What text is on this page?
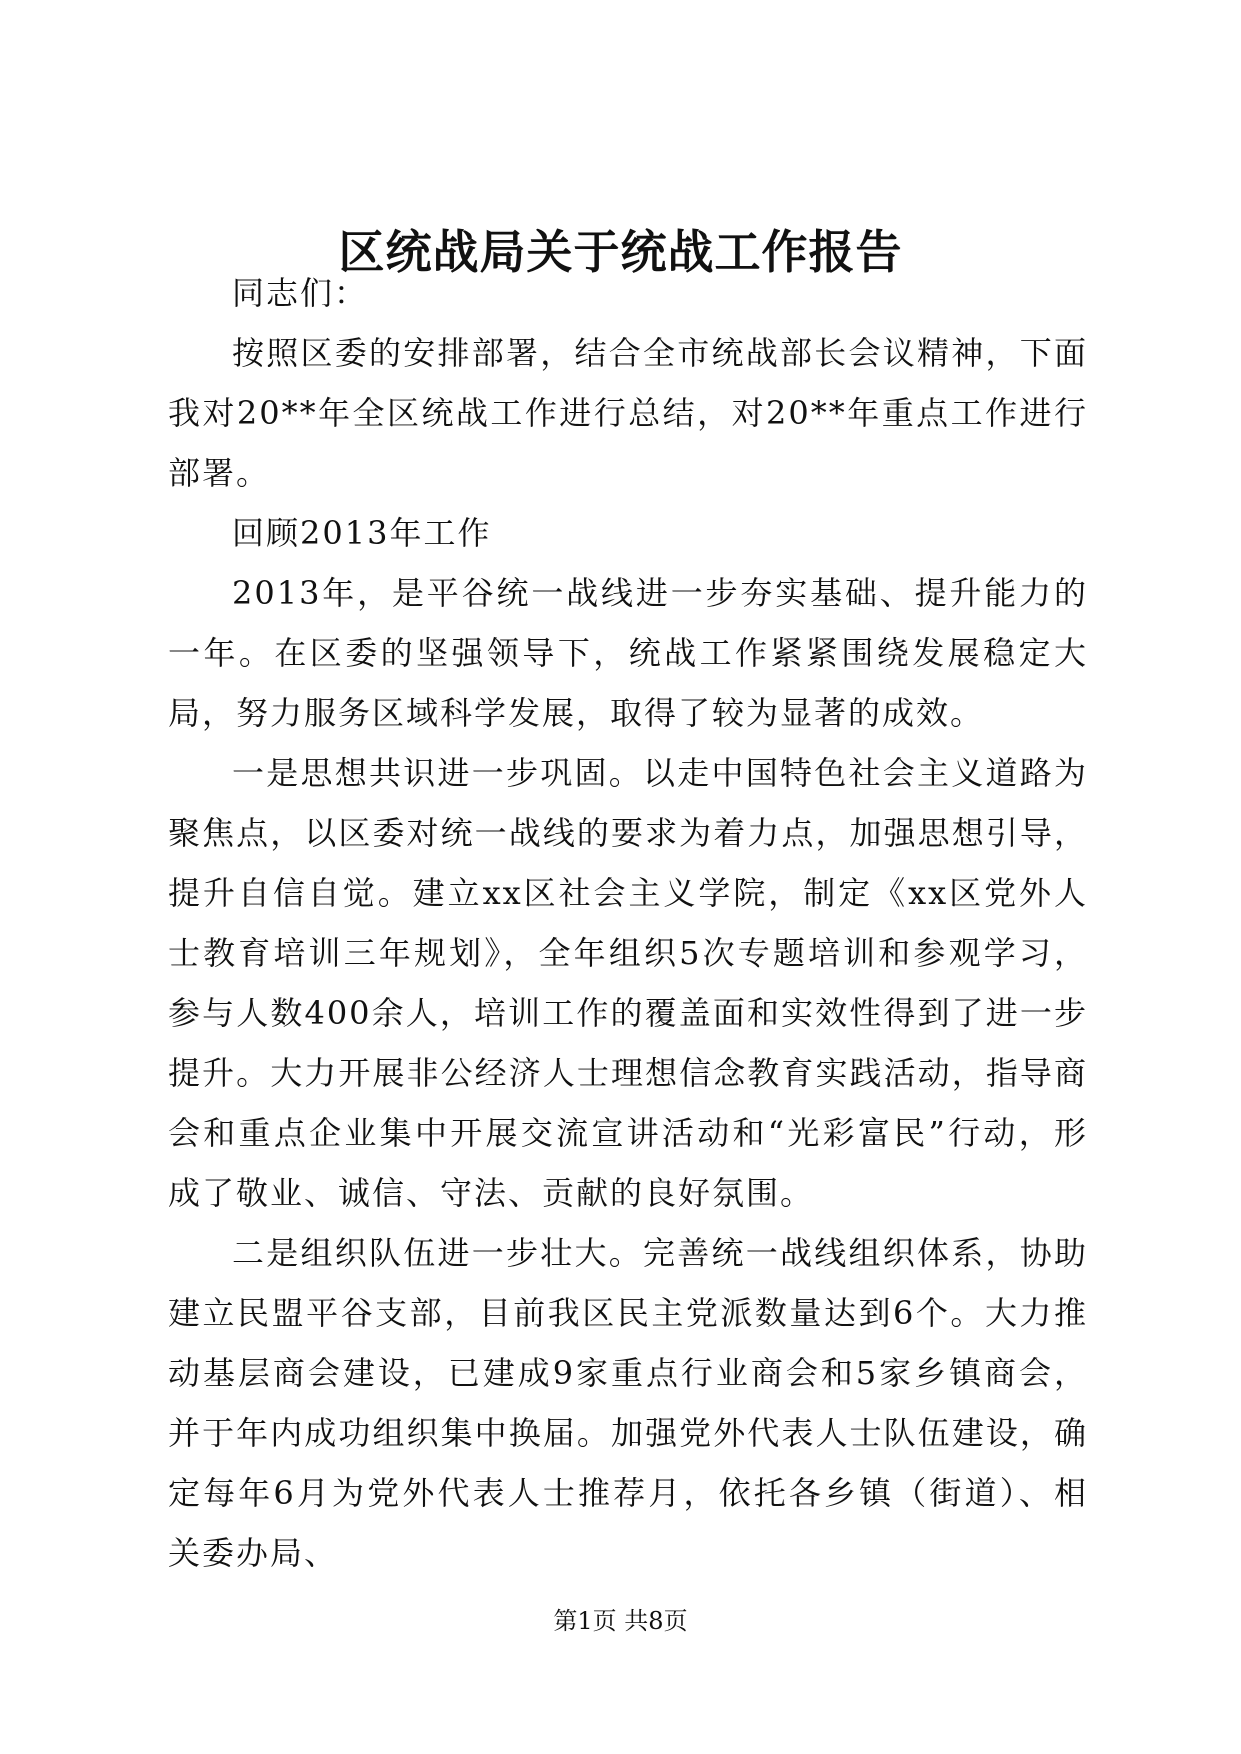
区统战局关于统战工作报告

同志们：

按照区委的安排部署，结合全市统战部长会议精神，下面我对20**年全区统战工作进行总结，对20**年重点工作进行部署。

回顾2013年工作

2013年，是平谷统一战线进一步夯实基础、提升能力的一年。在区委的坚强领导下，统战工作紧紧围绕发展稳定大局，努力服务区域科学发展，取得了较为显著的成效。

一是思想共识进一步巩固。以走中国特色社会主义道路为聚焦点，以区委对统一战线的要求为着力点，加强思想引导，提升自信自觉。建立xx区社会主义学院，制定《xx区党外人士教育培训三年规划》，全年组织5次专题培训和参观学习，参与人数400余人，培训工作的覆盖面和实效性得到了进一步提升。大力开展非公经济人士理想信念教育实践活动，指导商会和重点企业集中开展交流宣讲活动和“光彩富民”行动，形成了敬业、诚信、守法、贡献的良好氛围。

二是组织队伍进一步壮大。完善统一战线组织体系，协助建立民盟平谷支部，目前我区民主党派数量达到6个。大力推动基层商会建设，已建成9家重点行业商会和5家乡镇商会，并于年内成功组织集中换届。加强党外代表人士队伍建设，确定每年6月为党外代表人士推荐月，依托各乡镇（街道）、相关委办局、

第1页 共8页
